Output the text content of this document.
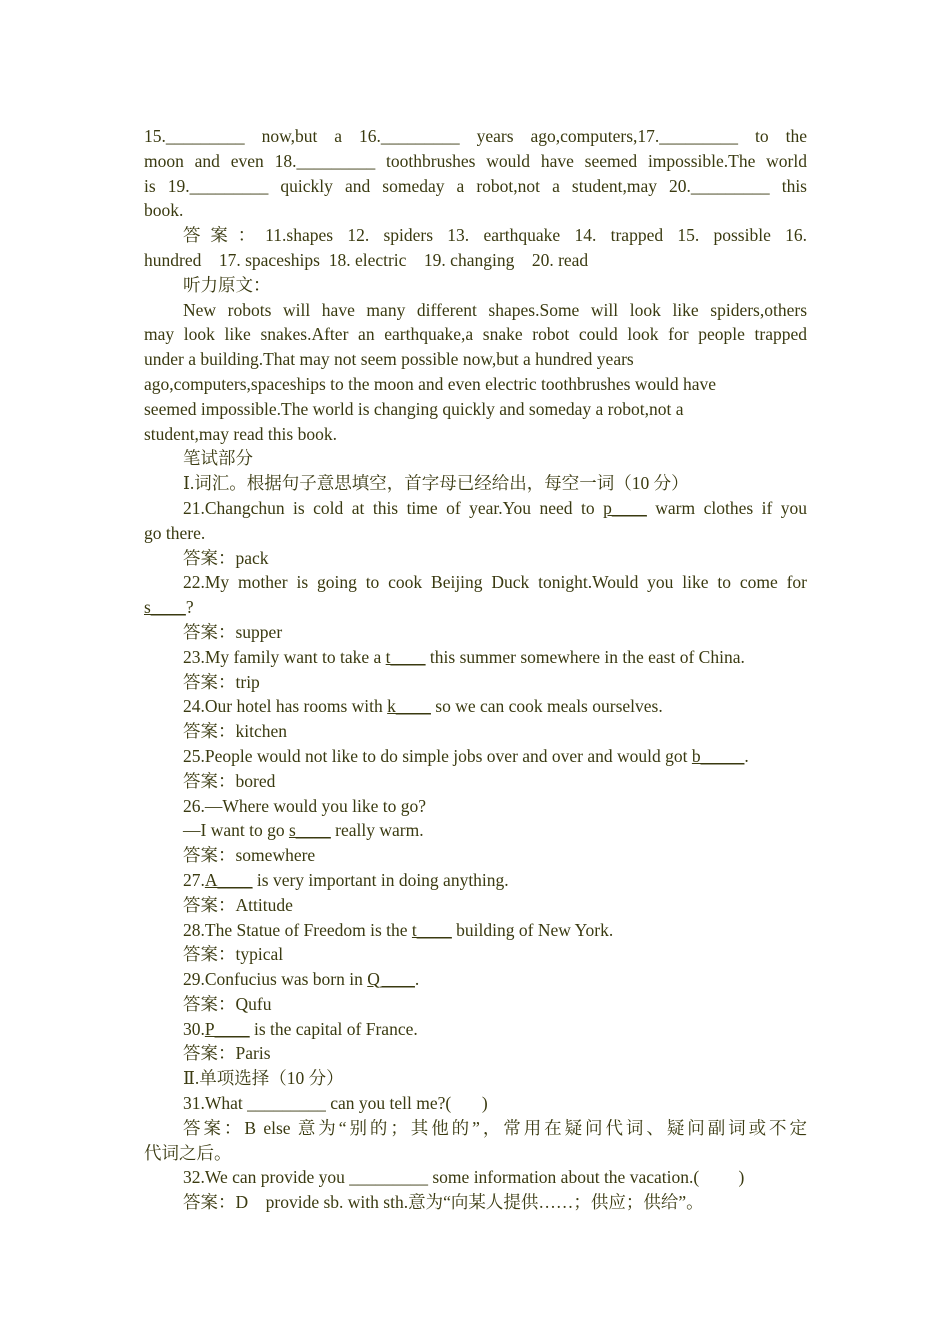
15._________ now,but a 16._________ years ago,computers,17._________ to the
moon and even 18._________ toothbrushes would have seemed impossible.The world
is 19._________ quickly and someday a robot,not a student,may 20._________ this
book.
答案：11.shapes 12. spiders 13. earthquake 14. trapped 15. possible 16.
hundred    17. spaceships  18. electric    19. changing    20. read
听力原文：
New robots will have many different shapes.Some will look like spiders,others
may look like snakes.After an earthquake,a snake robot could look for people trapped
under a building.That may not seem possible now,but a hundred years
ago,computers,spaceships to the moon and even electric toothbrushes would have
seemed impossible.The world is changing quickly and someday a robot,not a
student,may read this book.
笔试部分
Ⅰ.词汇。根据句子意思填空，首字母已经给出，每空一词（10 分）
21.Changchun is cold at this time of year.You need to p____ warm clothes if you
go there.
答案：pack
22.My mother is going to cook Beijing Duck tonight.Would you like to come for
s____?
答案：supper
23.My family want to take a t____ this summer somewhere in the east of China.
答案：trip
24.Our hotel has rooms with k____ so we can cook meals ourselves.
答案：kitchen
25.People would not like to do simple jobs over and over and would got b_____.
答案：bored
26.—Where would you like to go?
—I want to go s____ really warm.
答案：somewhere
27.A____ is very important in doing anything.
答案：Attitude
28.The Statue of Freedom is the t____ building of New York.
答案：typical
29.Confucius was born in Q____.
答案：Qufu
30.P____ is the capital of France.
答案：Paris
Ⅱ.单项选择（10 分）
31.What _________ can you tell me?(       )
答案：B else 意为“别的；其他的”，常用在疑问代词、疑问副词或不定
代词之后。
32.We can provide you _________ some information about the vacation.(         )
答案：D    provide sb. with sth.意为“向某人提供……；供应；供给”。
